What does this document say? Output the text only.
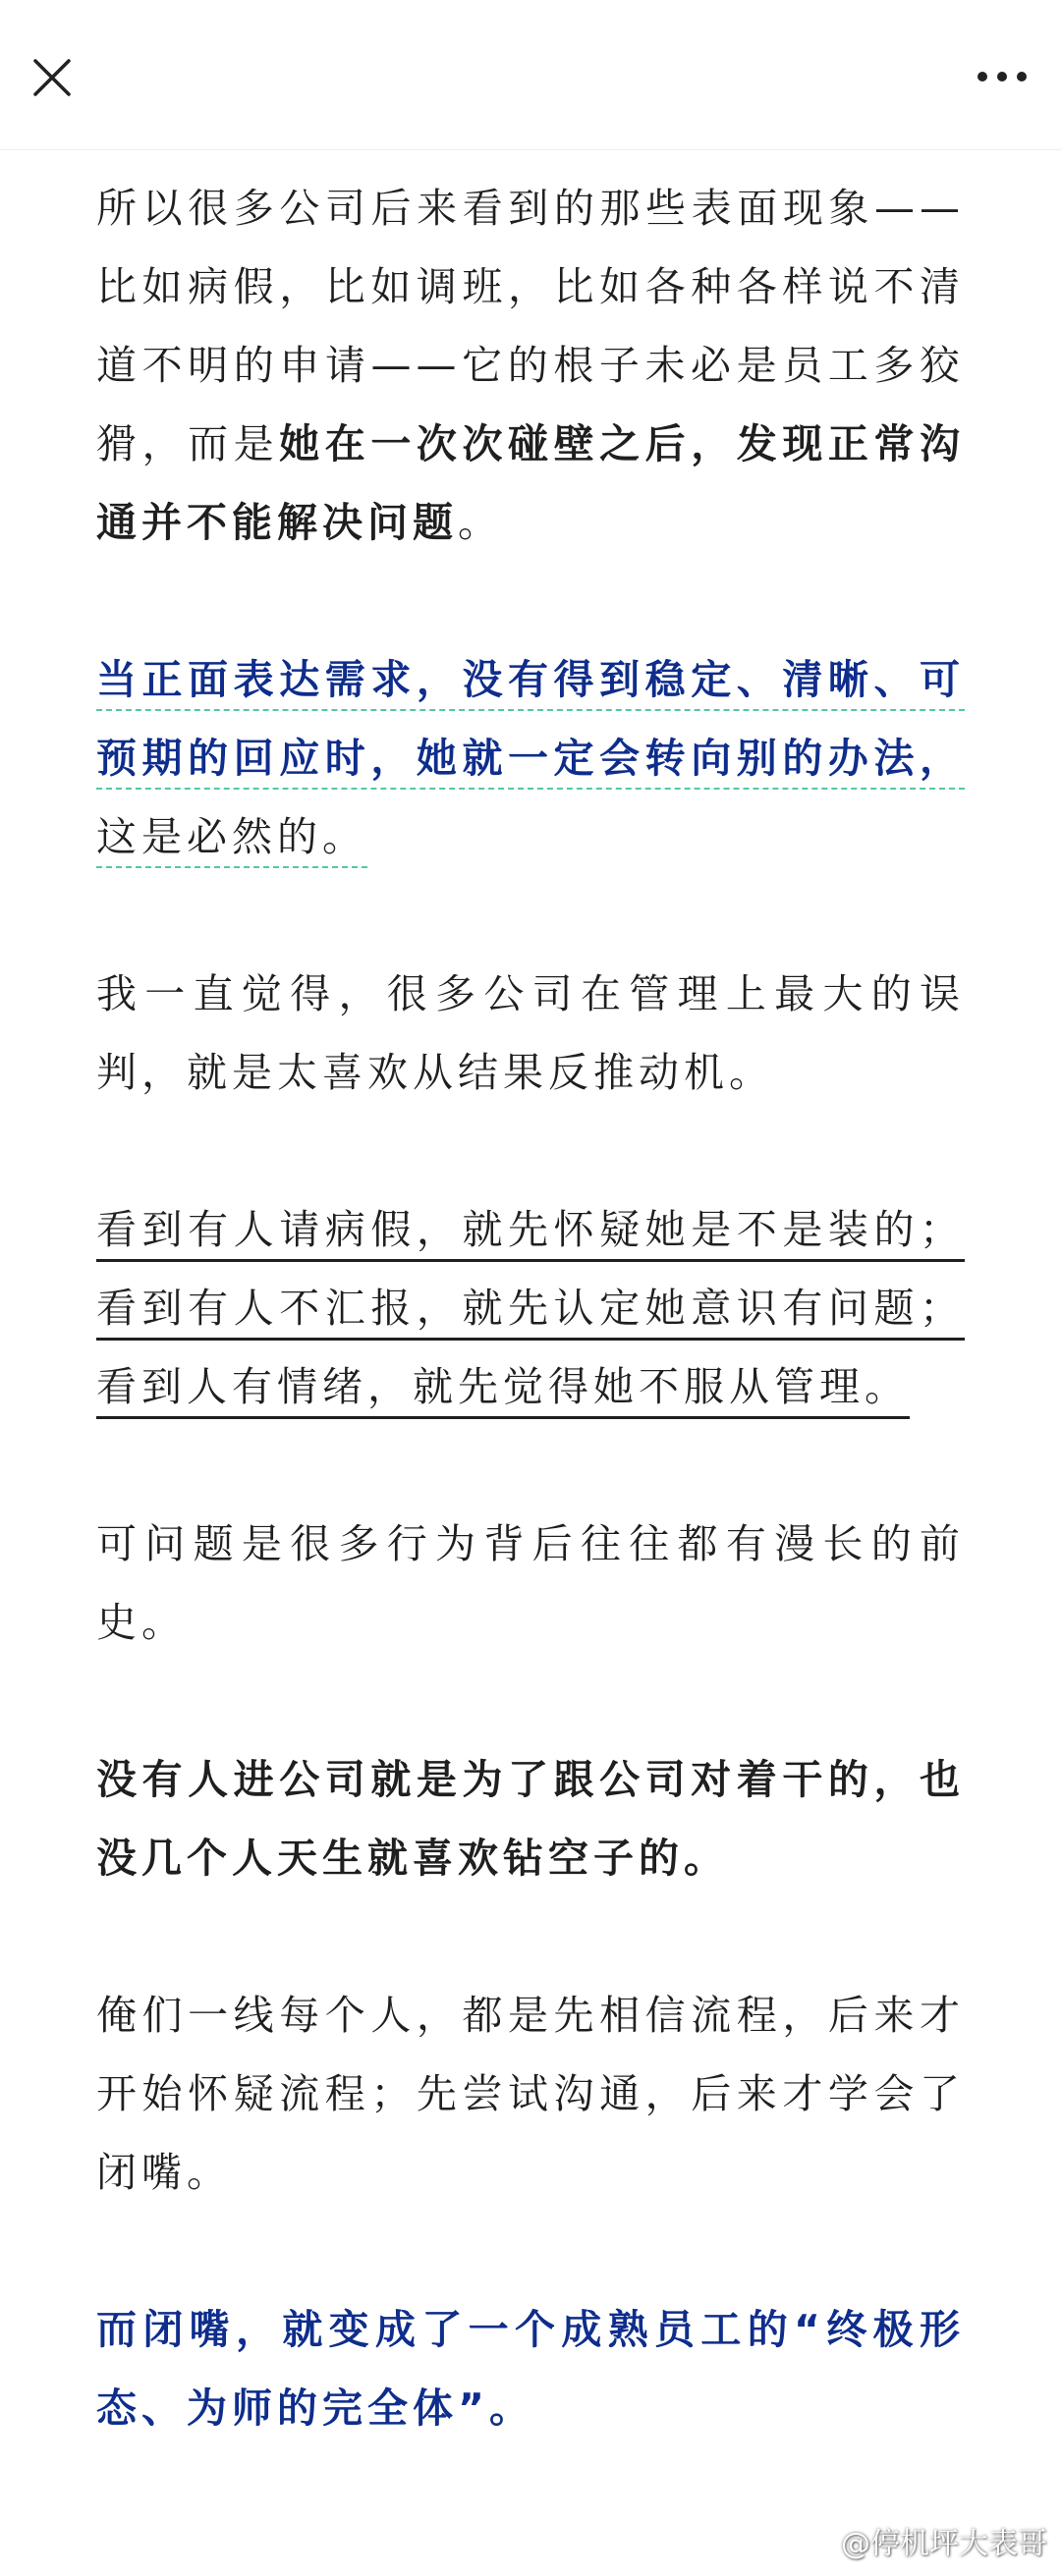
所以很多公司后来看到的那些表面现象——比如病假，比如调班，比如各种各样说不清道不明的申请——它的根子未必是员工多狡猾，而是她在一次次碰壁之后，发现正常沟通并不能解决问题。

当正面表达需求，没有得到稳定、清晰、可预期的回应时，她就一定会转向别的办法，这是必然的。

我一直觉得，很多公司在管理上最大的误判，就是太喜欢从结果反推动机。

看到有人请病假，就先怀疑她是不是装的；看到有人不汇报，就先认定她意识有问题；看到人有情绪，就先觉得她不服从管理。

可问题是很多行为背后往往都有漫长的前史。

没有人进公司就是为了跟公司对着干的，也没几个人天生就喜欢钻空子的。

俺们一线每个人，都是先相信流程，后来才开始怀疑流程；先尝试沟通，后来才学会了闭嘴。

而闭嘴，就变成了一个成熟员工的“终极形态、为师的完全体”。

@停机坪大表哥
